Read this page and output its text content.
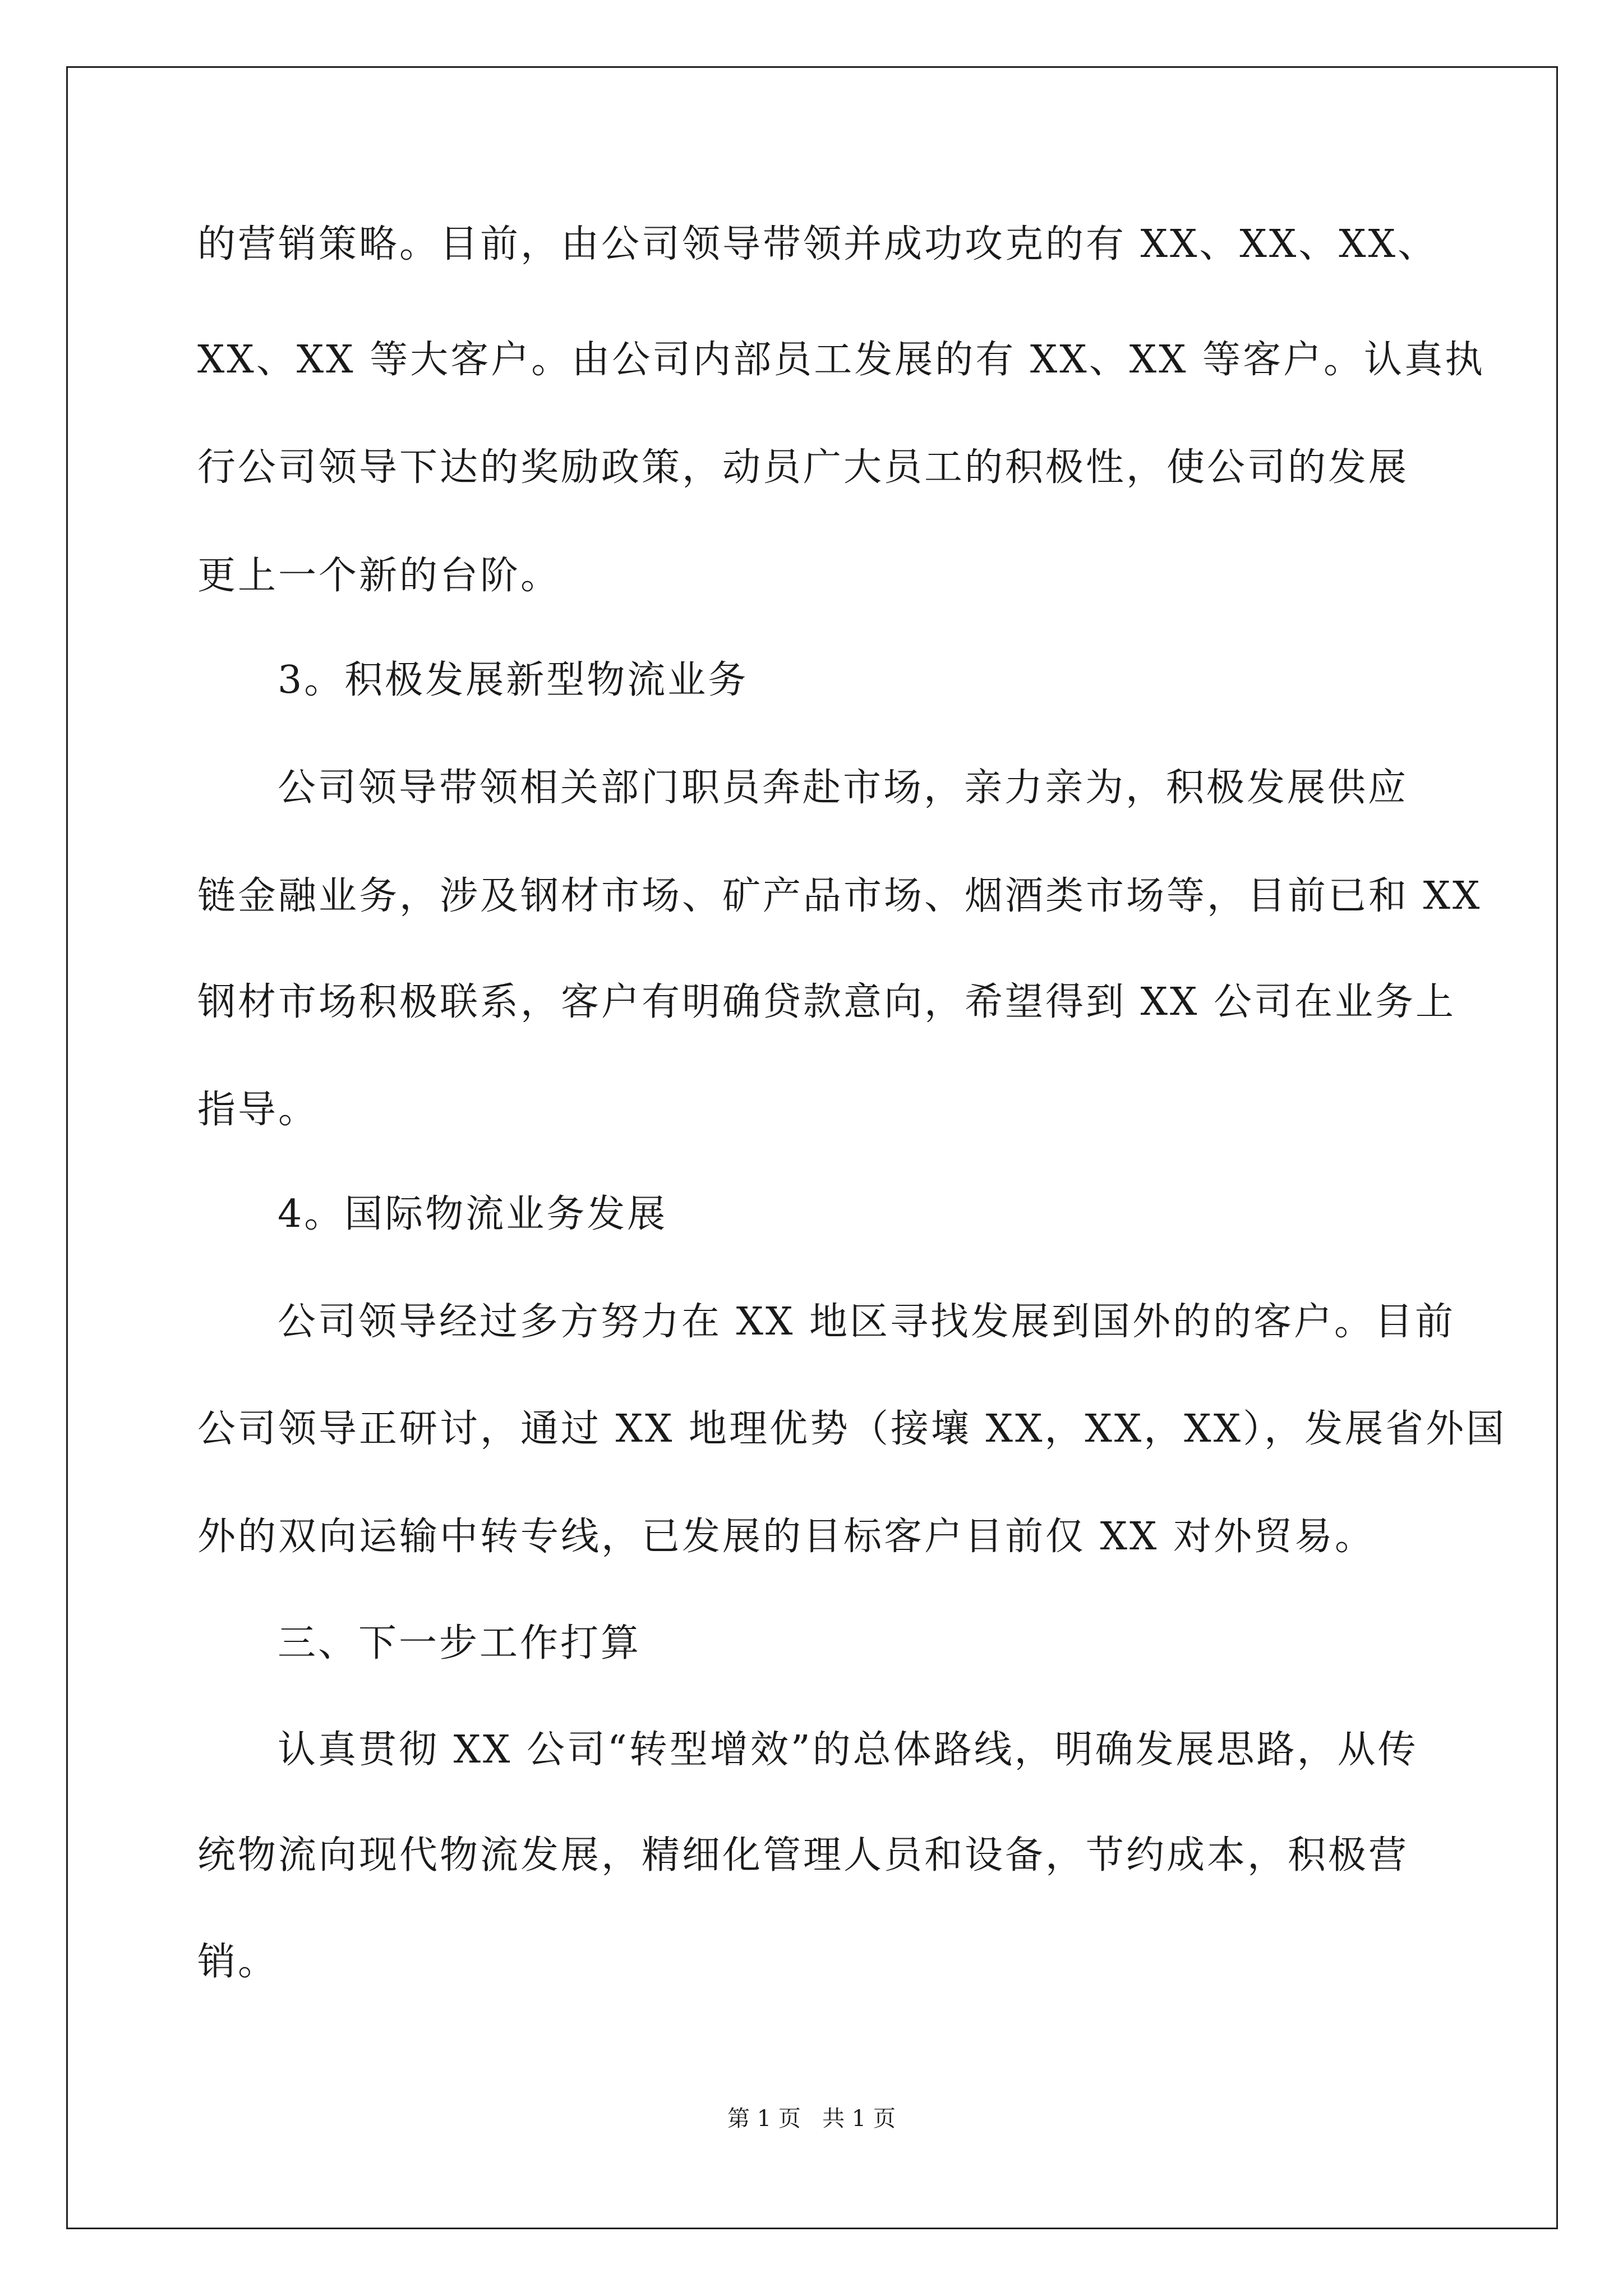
的营销策略。目前，由公司领导带领并成功攻克的有 XX、XX、XX、
XX、XX 等大客户。由公司内部员工发展的有 XX、XX 等客户。认真执
行公司领导下达的奖励政策，动员广大员工的积极性，使公司的发展
更上一个新的台阶。
3。积极发展新型物流业务
公司领导带领相关部门职员奔赴市场，亲力亲为，积极发展供应
链金融业务，涉及钢材市场、矿产品市场、烟酒类市场等，目前已和 XX
钢材市场积极联系，客户有明确贷款意向，希望得到 XX 公司在业务上
指导。
4。国际物流业务发展
公司领导经过多方努力在 XX 地区寻找发展到国外的的客户。目前
公司领导正研讨，通过 XX 地理优势（接壤 XX，XX，XX），发展省外国
外的双向运输中转专线，已发展的目标客户目前仅 XX 对外贸易。
三、下一步工作打算
认真贯彻 XX 公司“转型增效”的总体路线，明确发展思路，从传
统物流向现代物流发展，精细化管理人员和设备，节约成本，积极营
销。
第 1 页   共 1 页
